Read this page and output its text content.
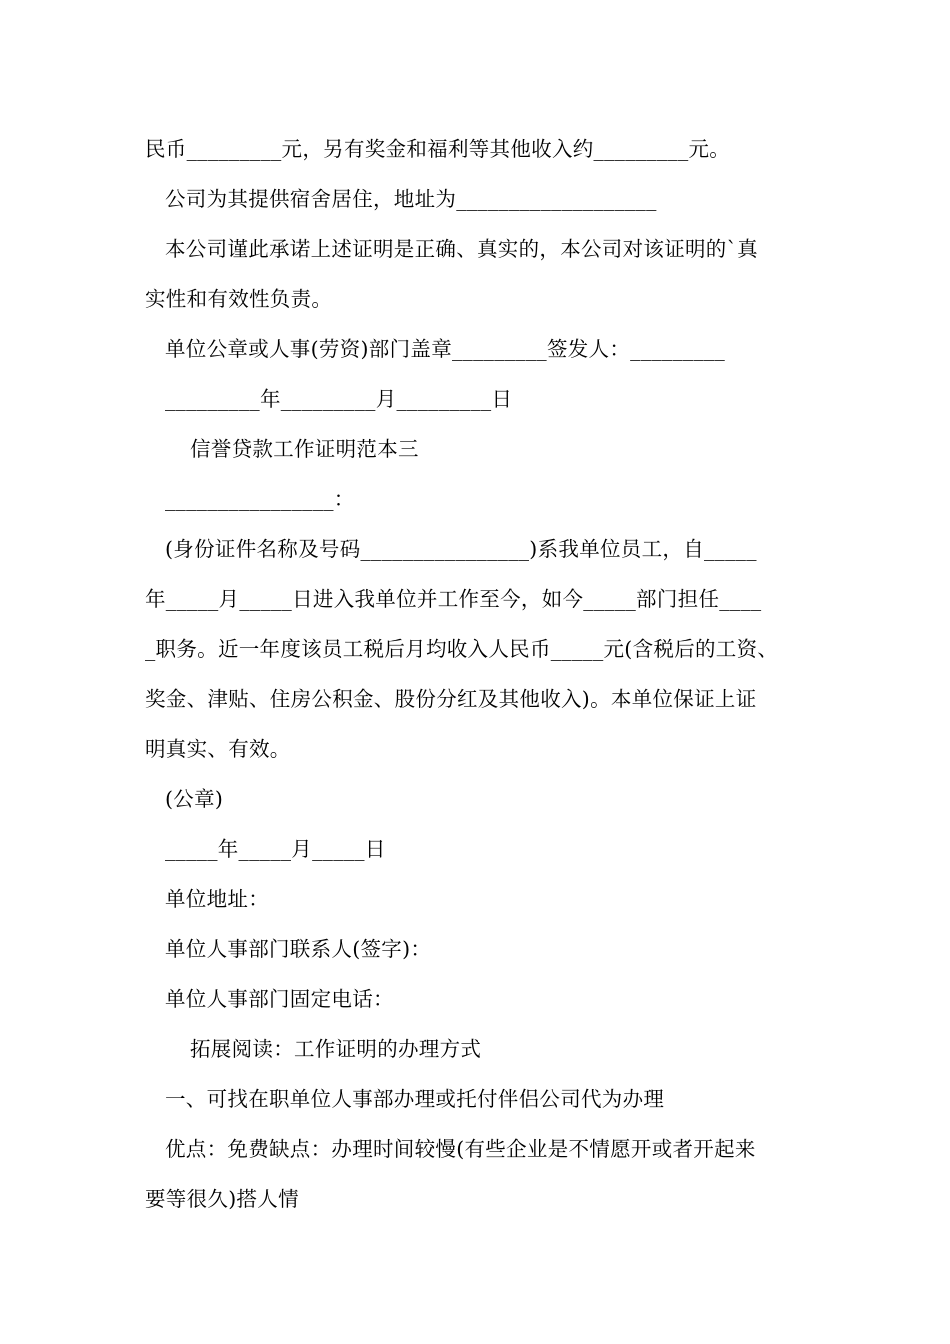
民币_________元，另有奖金和福利等其他收入约_________元。
公司为其提供宿舍居住，地址为___________________
本公司谨此承诺上述证明是正确、真实的，本公司对该证明的`真
实性和有效性负责。
单位公章或人事(劳资)部门盖章_________签发人：_________
_________年_________月_________日
信誉贷款工作证明范本三
________________：
(身份证件名称及号码________________)系我单位员工，自_____
年_____月_____日进入我单位并工作至今，如今_____部门担任____
_职务。近一年度该员工税后月均收入人民币_____元(含税后的工资、
奖金、津贴、住房公积金、股份分红及其他收入)。本单位保证上证
明真实、有效。
(公章)
_____年_____月_____日
单位地址：
单位人事部门联系人(签字)：
单位人事部门固定电话：
拓展阅读：工作证明的办理方式
一、可找在职单位人事部办理或托付伴侣公司代为办理
优点：免费缺点：办理时间较慢(有些企业是不情愿开或者开起来
要等很久)搭人情
